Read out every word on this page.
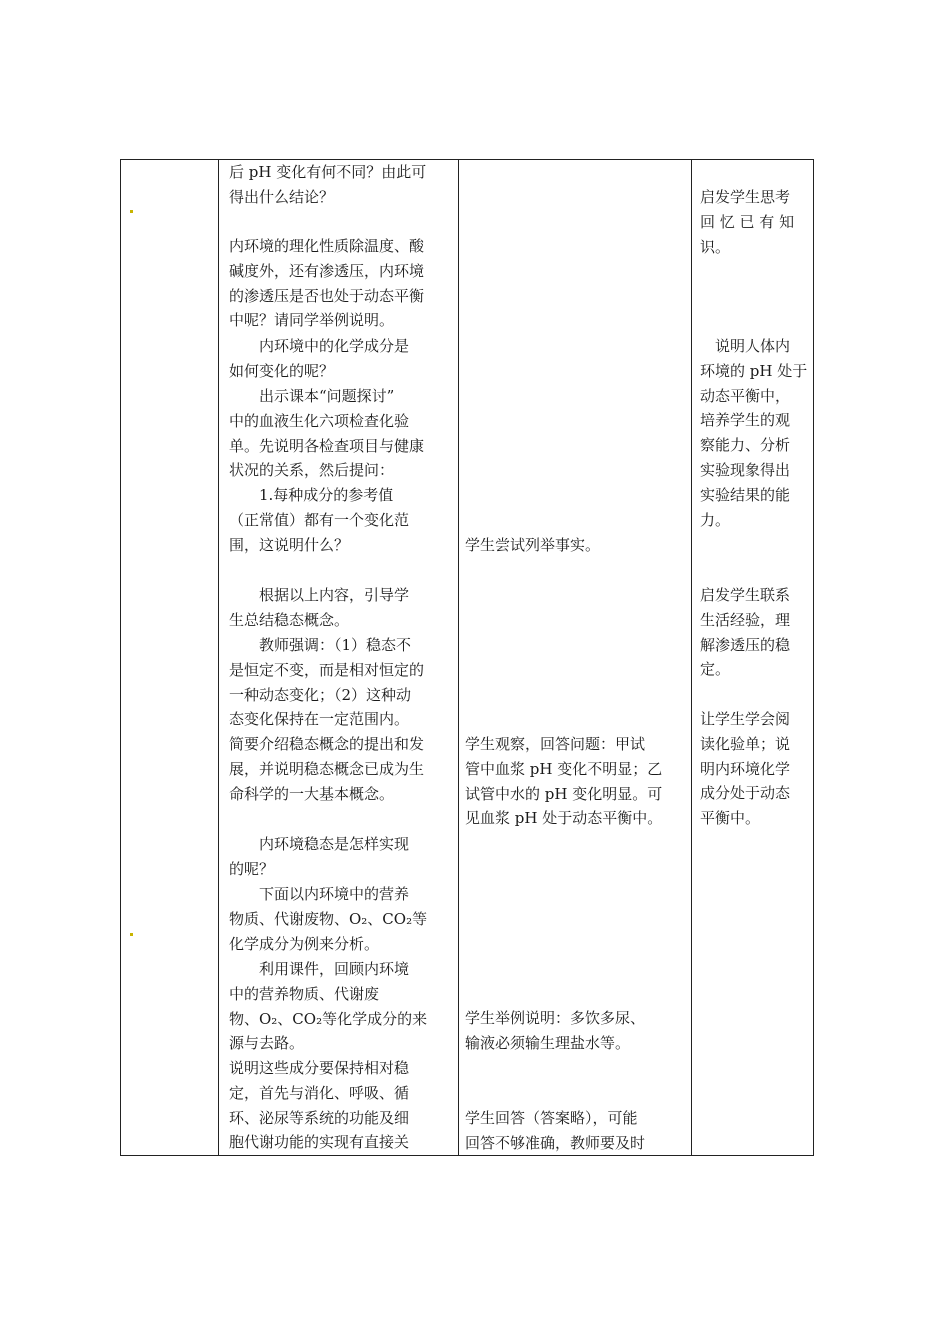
后 pH 变化有何不同？由此可
得出什么结论？
内环境的理化性质除温度、酸
碱度外，还有渗透压，内环境
的渗透压是否也处于动态平衡
中呢？请同学举例说明。
　　内环境中的化学成分是
如何变化的呢？
　　出示课本“问题探讨”
中的血液生化六项检查化验
单。先说明各检查项目与健康
状况的关系，然后提问：
　　1.每种成分的参考值
（正常值）都有一个变化范
围，这说明什么？
　　根据以上内容，引导学
生总结稳态概念。
　　教师强调：（1）稳态不
是恒定不变，而是相对恒定的
一种动态变化；（2）这种动
态变化保持在一定范围内。
简要介绍稳态概念的提出和发
展，并说明稳态概念已成为生
命科学的一大基本概念。
　　内环境稳态是怎样实现
的呢？
　　下面以内环境中的营养
物质、代谢废物、O₂、CO₂等
化学成分为例来分析。
　　利用课件，回顾内环境
中的营养物质、代谢废
物、O₂、CO₂等化学成分的来
源与去路。
说明这些成分要保持相对稳
定，首先与消化、呼吸、循
环、泌尿等系统的功能及细
胞代谢功能的实现有直接关
学生尝试列举事实。
学生观察，回答问题：甲试
管中血浆 pH 变化不明显；乙
试管中水的 pH 变化明显。可
见血浆 pH 处于动态平衡中。
学生举例说明：多饮多尿、
输液必须输生理盐水等。
学生回答（答案略），可能
回答不够准确，教师要及时
启发学生思考
回 忆 已 有 知
识。
　说明人体内
环境的 pH 处于
动态平衡中，
培养学生的观
察能力、分析
实验现象得出
实验结果的能
力。
启发学生联系
生活经验，理
解渗透压的稳
定。
让学生学会阅
读化验单；说
明内环境化学
成分处于动态
平衡中。
